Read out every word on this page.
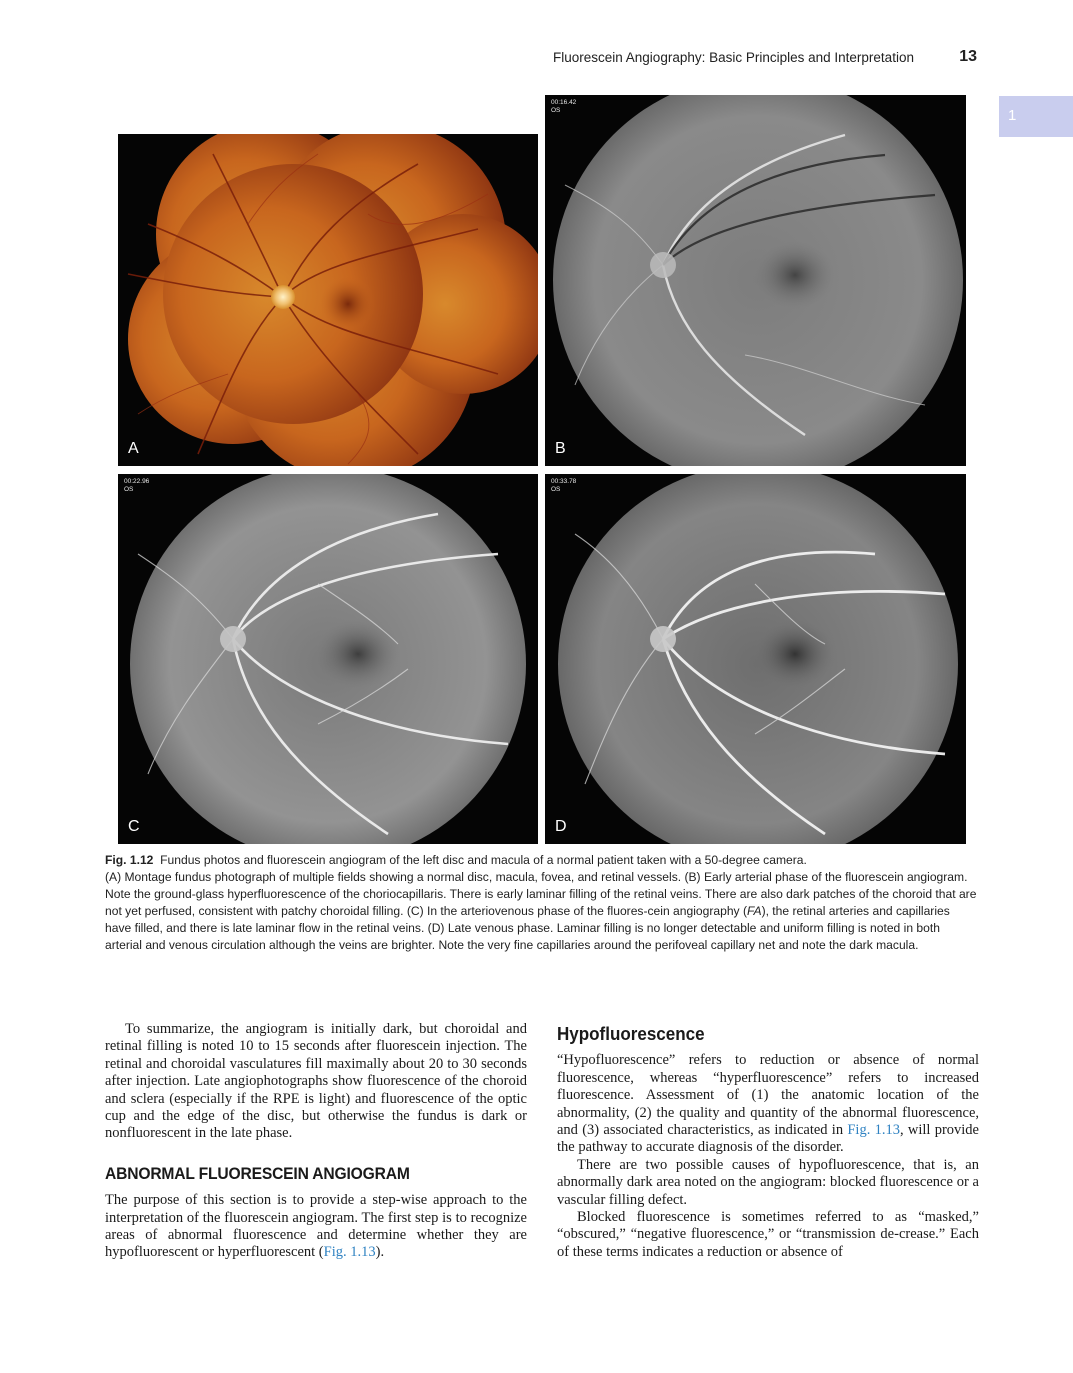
Fluorescein Angiography: Basic Principles and Interpretation	13
1
A
00:16.42
OS
B
00:22.96
OS
C
00:33.78
OS
D

Fig. 1.12 Fundus photos and fluorescein angiogram of the left disc and macula of a normal patient taken with a 50-degree camera.

(A) Montage fundus photograph of multiple fields showing a normal disc, macula, fovea, and retinal vessels. (B) Early arterial phase of the fluorescein angiogram. Note the ground-glass hyperfluorescence of the choriocapillaris. There is early laminar filling of the retinal veins. There are also dark patches of the choroid that are not yet perfused, consistent with patchy choroidal filling. (C) In the arteriovenous phase of the fluores-cein angiography (FA), the retinal arteries and capillaries have filled, and there is late laminar flow in the retinal veins. (D) Late venous phase. Laminar filling is no longer detectable and uniform filling is noted in both arterial and venous circulation although the veins are brighter. Note the very fine capillaries around the perifoveal capillary net and note the dark macula.

To summarize, the angiogram is initially dark, but choroidal and retinal filling is noted 10 to 15 seconds after fluorescein injection. The retinal and choroidal vasculatures fill maximally about 20 to 30 seconds after injection. Late angiophotographs show fluorescence of the choroid and sclera (especially if the RPE is light) and fluorescence of the optic cup and the edge of the disc, but otherwise the fundus is dark or nonfluorescent in the late phase.

ABNORMAL FLUORESCEIN ANGIOGRAM

The purpose of this section is to provide a step-wise approach to the interpretation of the fluorescein angiogram. The first step is to recognize areas of abnormal fluorescence and determine whether they are hypofluorescent or hyperfluorescent (Fig. 1.13).

Hypofluorescence

“Hypofluorescence” refers to reduction or absence of normal fluorescence, whereas “hyperfluorescence” refers to increased fluorescence. Assessment of (1) the anatomic location of the abnormality, (2) the quality and quantity of the abnormal fluorescence, and (3) associated characteristics, as indicated in Fig. 1.13, will provide the pathway to accurate diagnosis of the disorder.

There are two possible causes of hypofluorescence, that is, an abnormally dark area noted on the angiogram: blocked fluorescence or a vascular filling defect.

Blocked fluorescence is sometimes referred to as “masked,” “obscured,” “negative fluorescence,” or “transmission de-crease.” Each of these terms indicates a reduction or absence of
